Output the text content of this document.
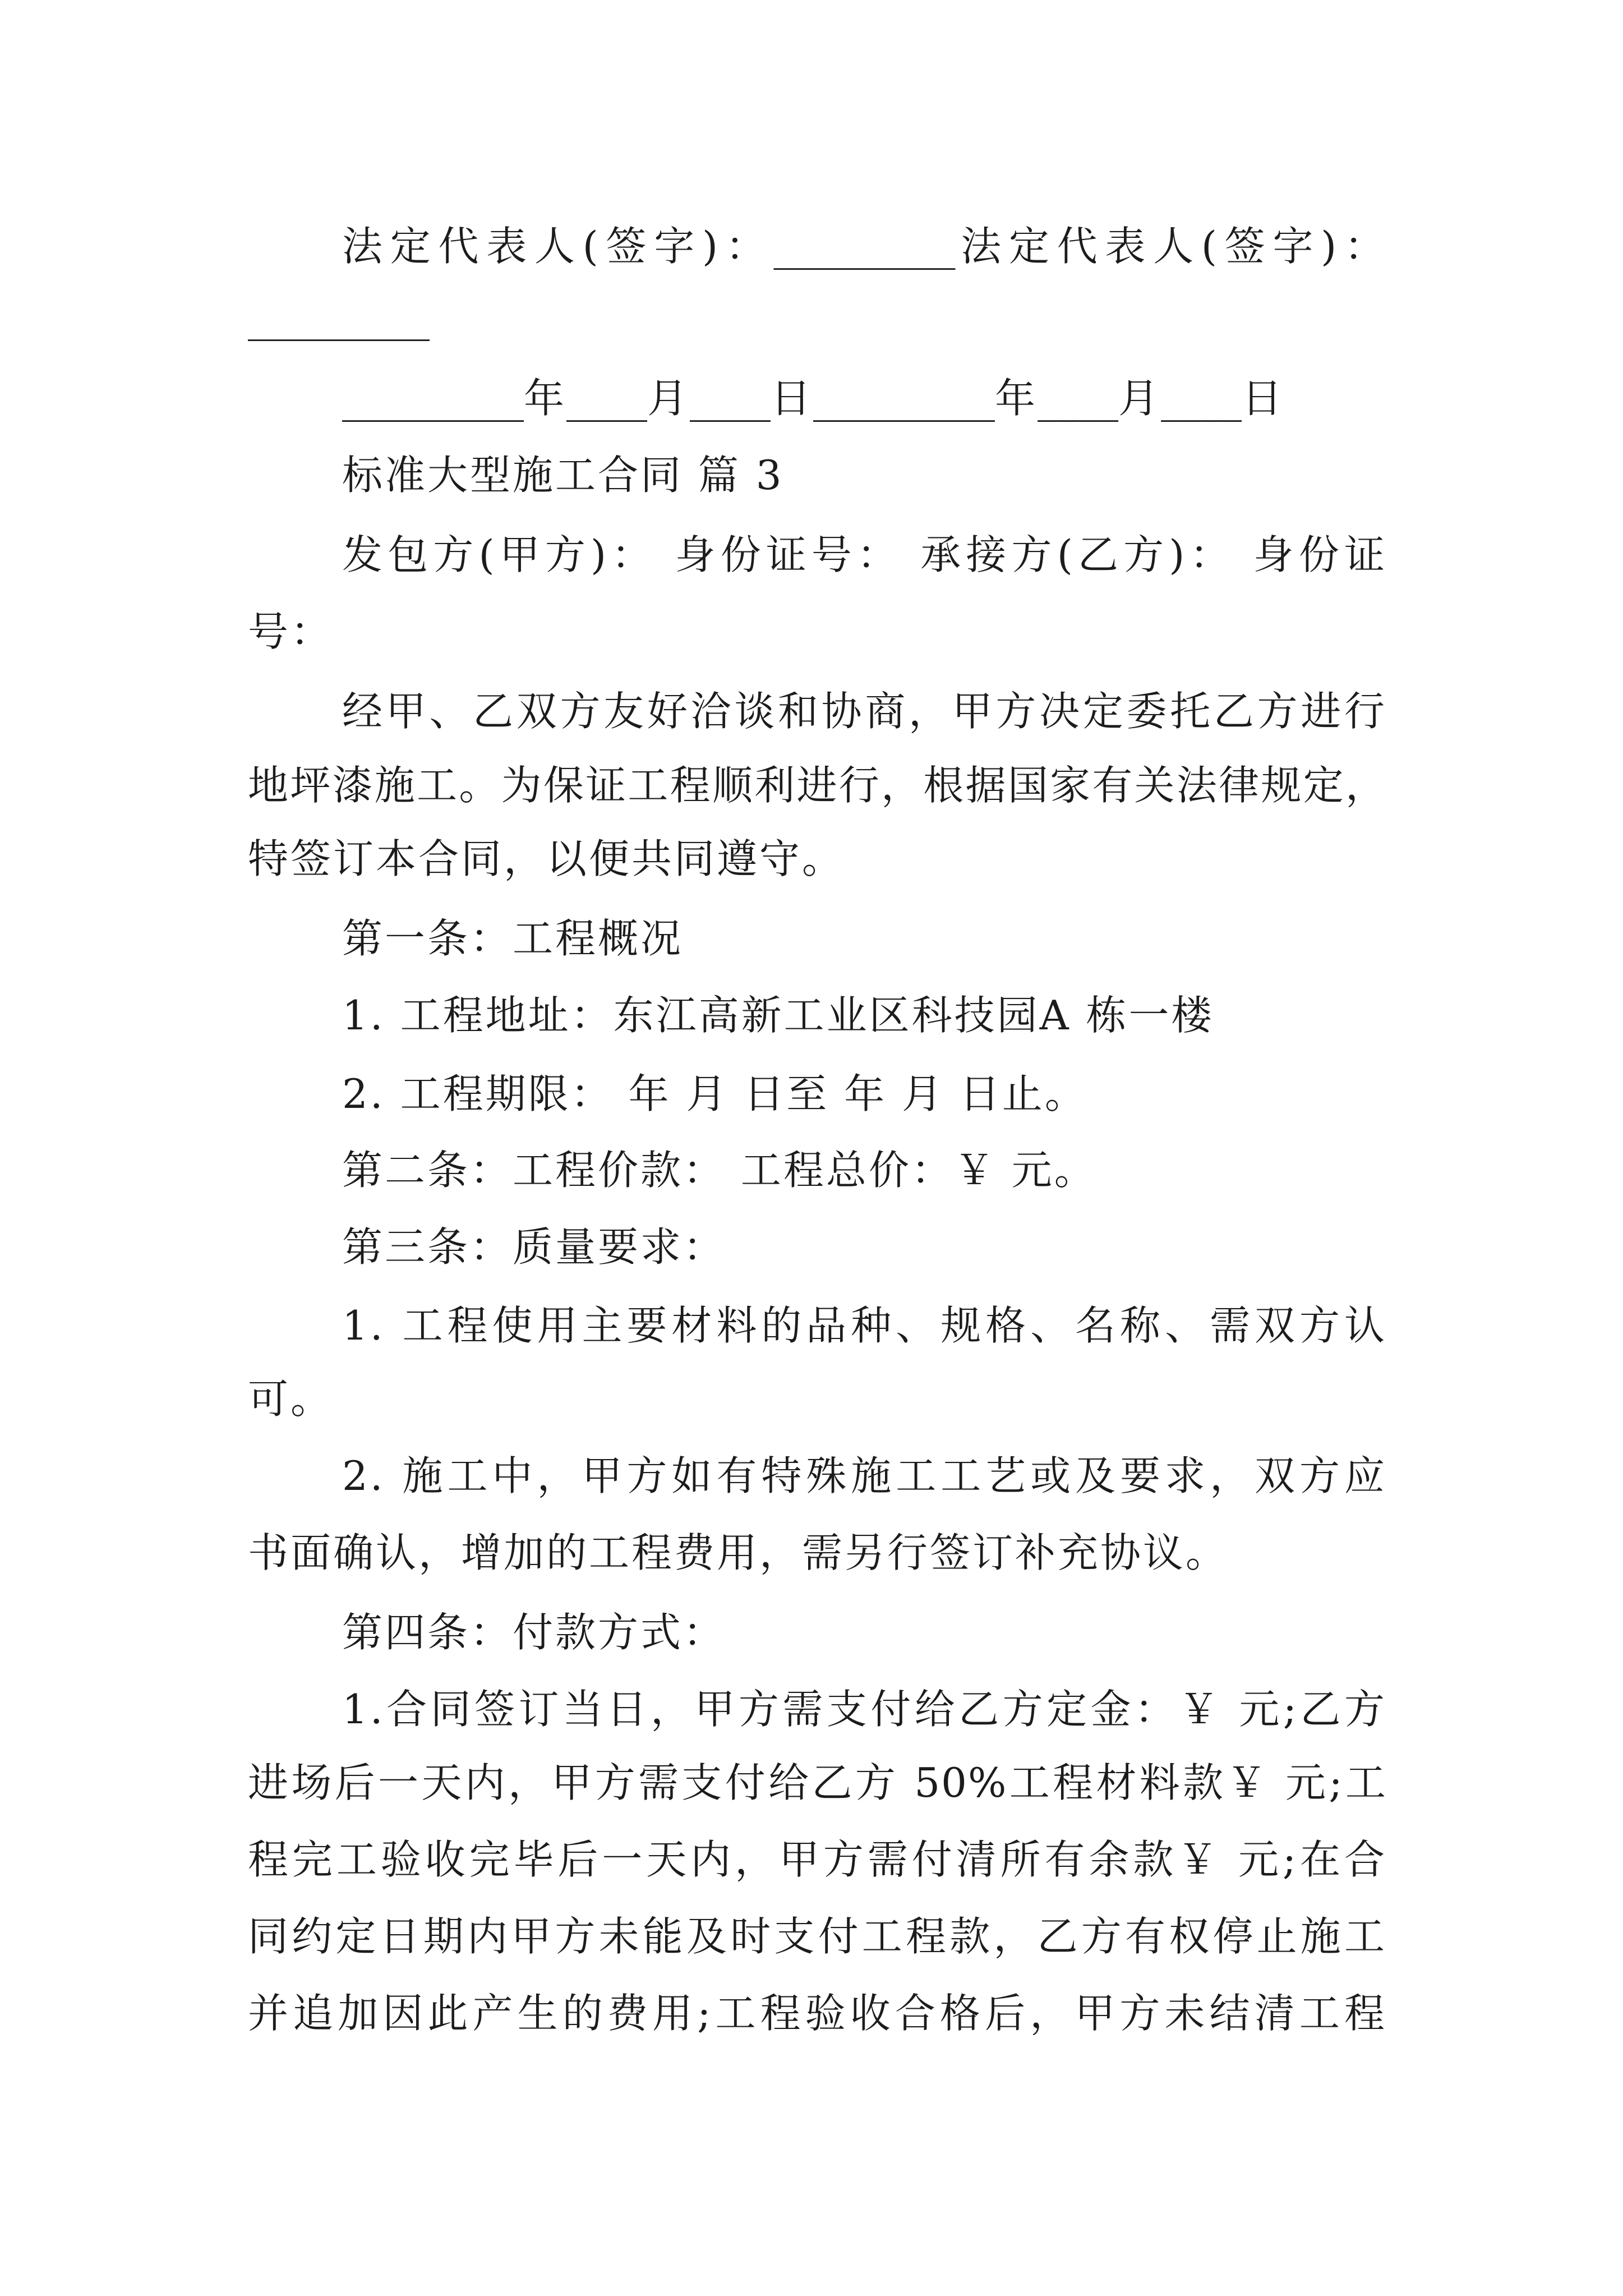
法定代表人(签字)：_________法定代表人(签字)：
_________
_________年____月____日_________年____月____日
标准大型施工合同 篇 3
发包方(甲方)： 身份证号： 承接方(乙方)： 身份证
号：
经甲、乙双方友好洽谈和协商，甲方决定委托乙方进行
地坪漆施工。为保证工程顺利进行，根据国家有关法律规定，
特签订本合同，以便共同遵守。
第一条：工程概况
1. 工程地址：东江高新工业区科技园A 栋一楼
2. 工程期限： 年 月 日至 年 月 日止。
第二条：工程价款： 工程总价：￥ 元。
第三条：质量要求：
1. 工程使用主要材料的品种、规格、名称、需双方认
可。
2. 施工中，甲方如有特殊施工工艺或及要求，双方应
书面确认，增加的工程费用，需另行签订补充协议。
第四条：付款方式：
1.合同签订当日，甲方需支付给乙方定金：￥ 元;乙方
进场后一天内，甲方需支付给乙方 50%工程材料款￥ 元;工
程完工验收完毕后一天内，甲方需付清所有余款￥ 元;在合
同约定日期内甲方未能及时支付工程款，乙方有权停止施工
并追加因此产生的费用;工程验收合格后，甲方未结清工程
